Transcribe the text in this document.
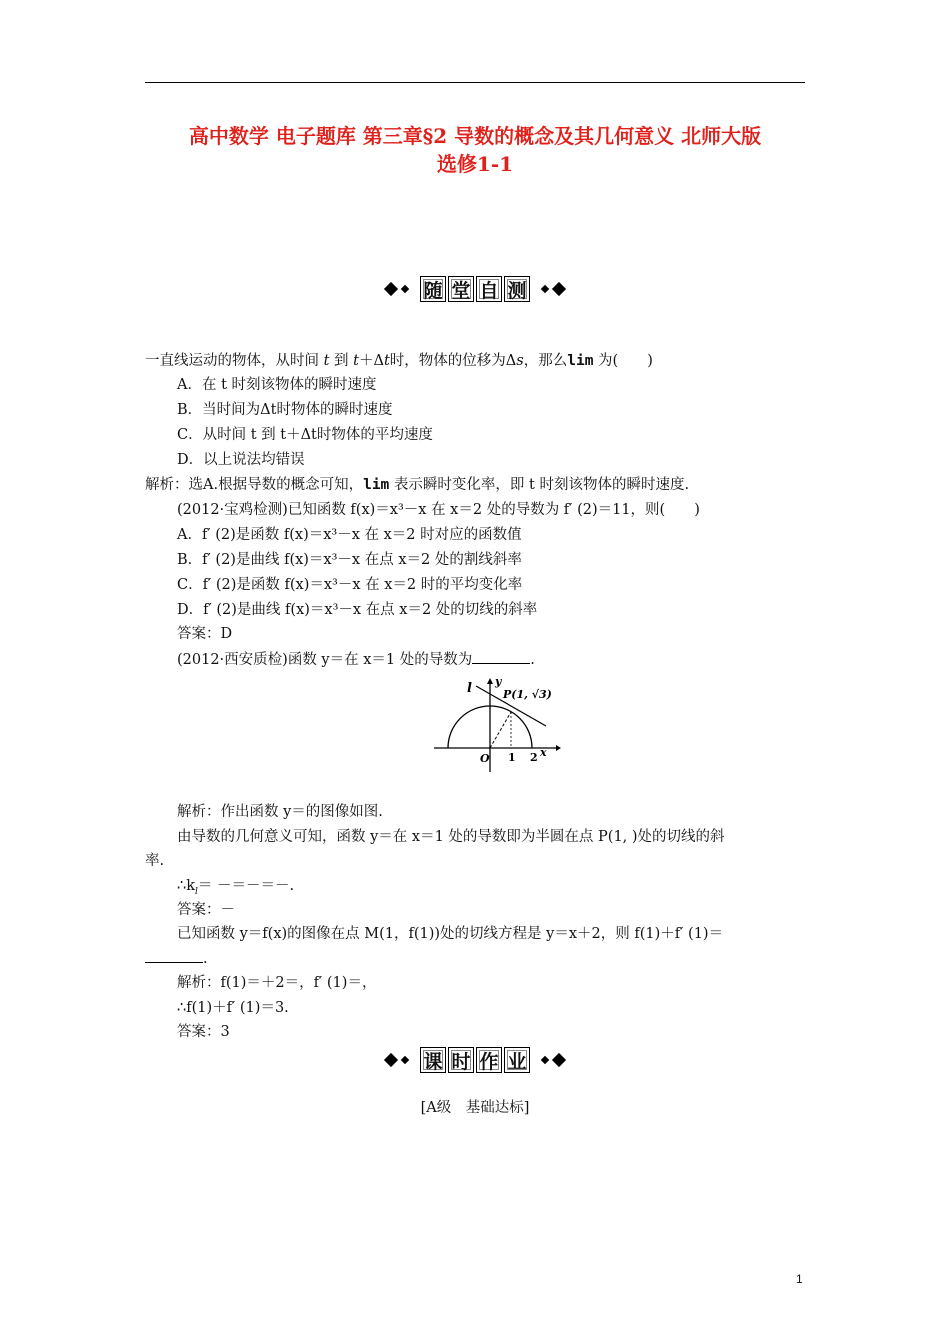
高中数学 电子题库 第三章§2 导数的概念及其几何意义 北师大版
选修1-1
随 堂 自 测
一直线运动的物体，从时间 t 到 t＋Δt时，物体的位移为Δs，那么lim 为(　　)
A．在 t 时刻该物体的瞬时速度
B．当时间为Δt时物体的瞬时速度
C．从时间 t 到 t＋Δt时物体的平均速度
D．以上说法均错误
解析：选A.根据导数的概念可知，lim 表示瞬时变化率，即 t 时刻该物体的瞬时速度.
(2012·宝鸡检测)已知函数 f(x)＝x³－x 在 x＝2 处的导数为 f′ (2)＝11，则(　　)
A．f′ (2)是函数 f(x)＝x³－x 在 x＝2 时对应的函数值
B．f′ (2)是曲线 f(x)＝x³－x 在点 x＝2 处的割线斜率
C．f′ (2)是函数 f(x)＝x³－x 在 x＝2 时的平均变化率
D．f′ (2)是曲线 f(x)＝x³－x 在点 x＝2 处的切线的斜率
答案：D
(2012·西安质检)函数 y＝在 x＝1 处的导数为	.
l y
P(1, √3)
O 1 2 x
解析：作出函数 y＝的图像如图.
由导数的几何意义可知，函数 y＝在 x＝1 处的导数即为半圆在点 P(1, )处的切线的斜
率.
$\therefore k_l=$ －＝－＝－.
答案：－
已知函数 y＝f(x)的图像在点 M(1，f(1))处的切线方程是 y＝x＋2，则 f(1)＋f′ (1)＝
.
解析：f(1)＝＋2＝，f′ (1)＝，
∴f(1)＋f′ (1)＝3.
答案：3
课 时 作 业
[A级　基础达标]
1
